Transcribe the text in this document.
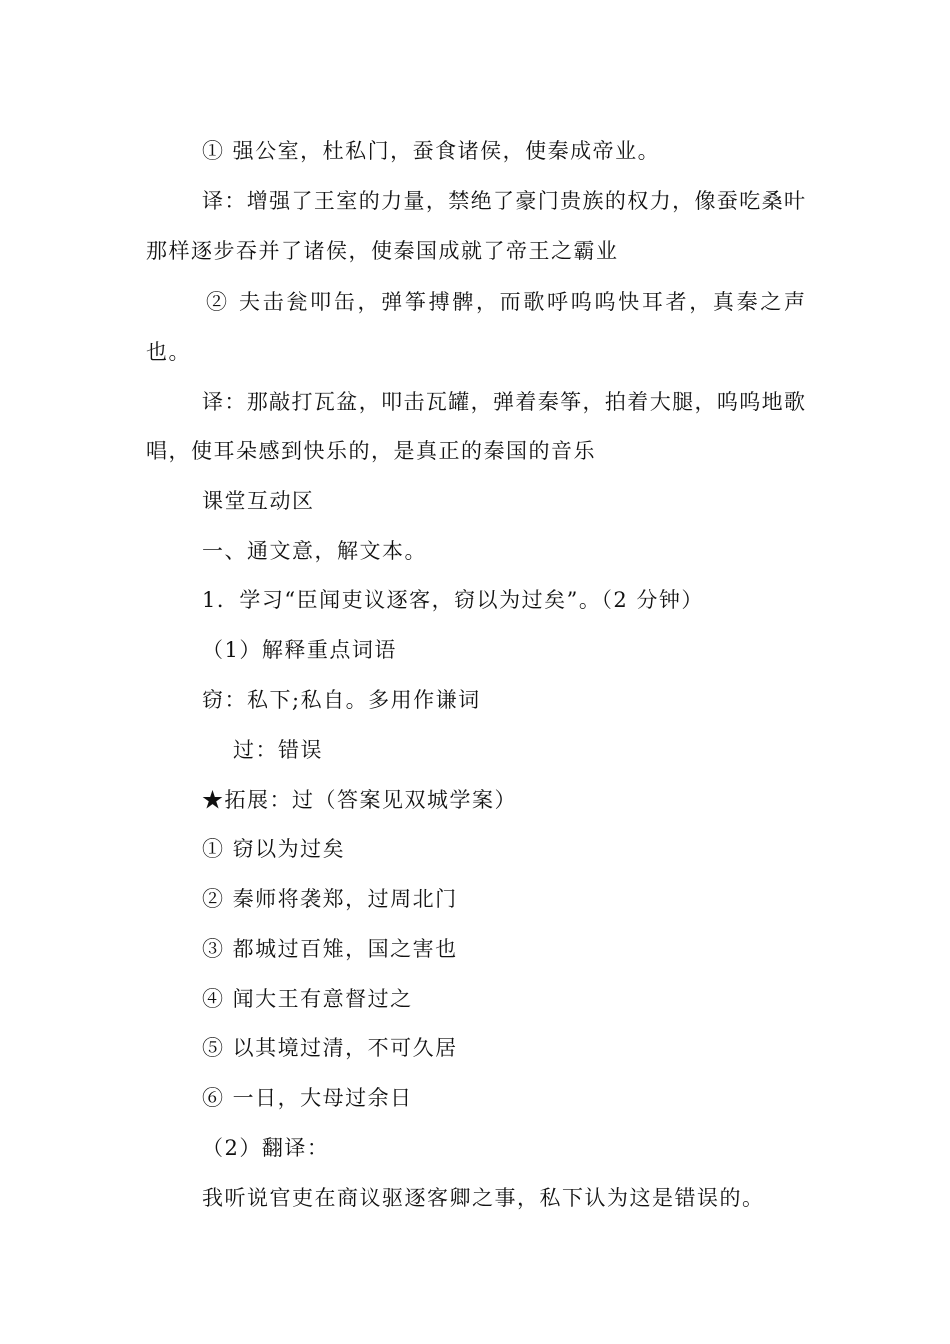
① 强公室，杜私门，蚕食诸侯，使秦成帝业。
译：增强了王室的力量，禁绝了豪门贵族的权力，像蚕吃桑叶
那样逐步吞并了诸侯，使秦国成就了帝王之霸业
② 夫击瓮叩缶，弹筝搏髀，而歌呼呜呜快耳者，真秦之声
也。
译：那敲打瓦盆，叩击瓦罐，弹着秦筝，拍着大腿，呜呜地歌
唱，使耳朵感到快乐的，是真正的秦国的音乐
课堂互动区
一、通文意，解文本。
1．学习“臣闻吏议逐客，窃以为过矣”。（2 分钟）
（1）解释重点词语
窃：私下;私自。多用作谦词
过：错误
★拓展：过（答案见双城学案）
① 窃以为过矣
② 秦师将袭郑，过周北门
③ 都城过百雉，国之害也
④ 闻大王有意督过之
⑤ 以其境过清，不可久居
⑥ 一日，大母过余日
（2）翻译：
我听说官吏在商议驱逐客卿之事，私下认为这是错误的。
